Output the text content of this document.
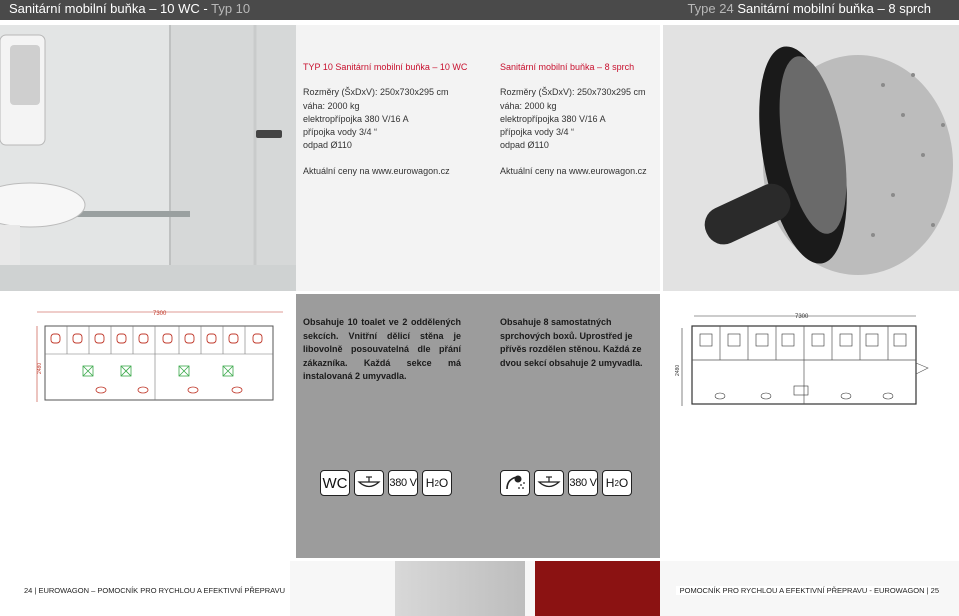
Sanitární mobilní buňka – 10 WC - Typ 10	Type 24 Sanitární mobilní buňka – 8 sprch
TYP 10 Sanitární mobilní buňka – 10 WC
Rozměry (ŠxDxV): 250x730x295 cm
váha: 2000 kg
elektropřípojka 380 V/16 A
přípojka vody 3/4 “
odpad Ø110
Aktuální ceny na www.eurowagon.cz
Sanitární mobilní buňka – 8 sprch
Rozměry (ŠxDxV): 250x730x295 cm
váha: 2000 kg
elektropřípojka 380 V/16 A
přípojka vody 3/4 “
odpad Ø110
Aktuální ceny na www.eurowagon.cz
7300
2480
7300
2480
Obsahuje 10 toalet ve 2 oddělených sekcích. Vnitřní dělicí stěna je libovolně posouvatelná dle přání zákazníka. Každá sekce má instalovaná 2 umyvadla.
Obsahuje 8 samostatných sprchových boxů. Uprostřed je přívěs rozdělen stěnou. Každá ze dvou sekcí obsahuje 2 umyvadla.
WC	380 V H 2 O	380 V H 2 O
24 | EUROWAGON – POMOCNÍK PRO RYCHLOU A EFEKTIVNÍ PŘEPRAVU	POMOCNÍK PRO RYCHLOU A EFEKTIVNÍ PŘEPRAVU - EUROWAGON | 25
